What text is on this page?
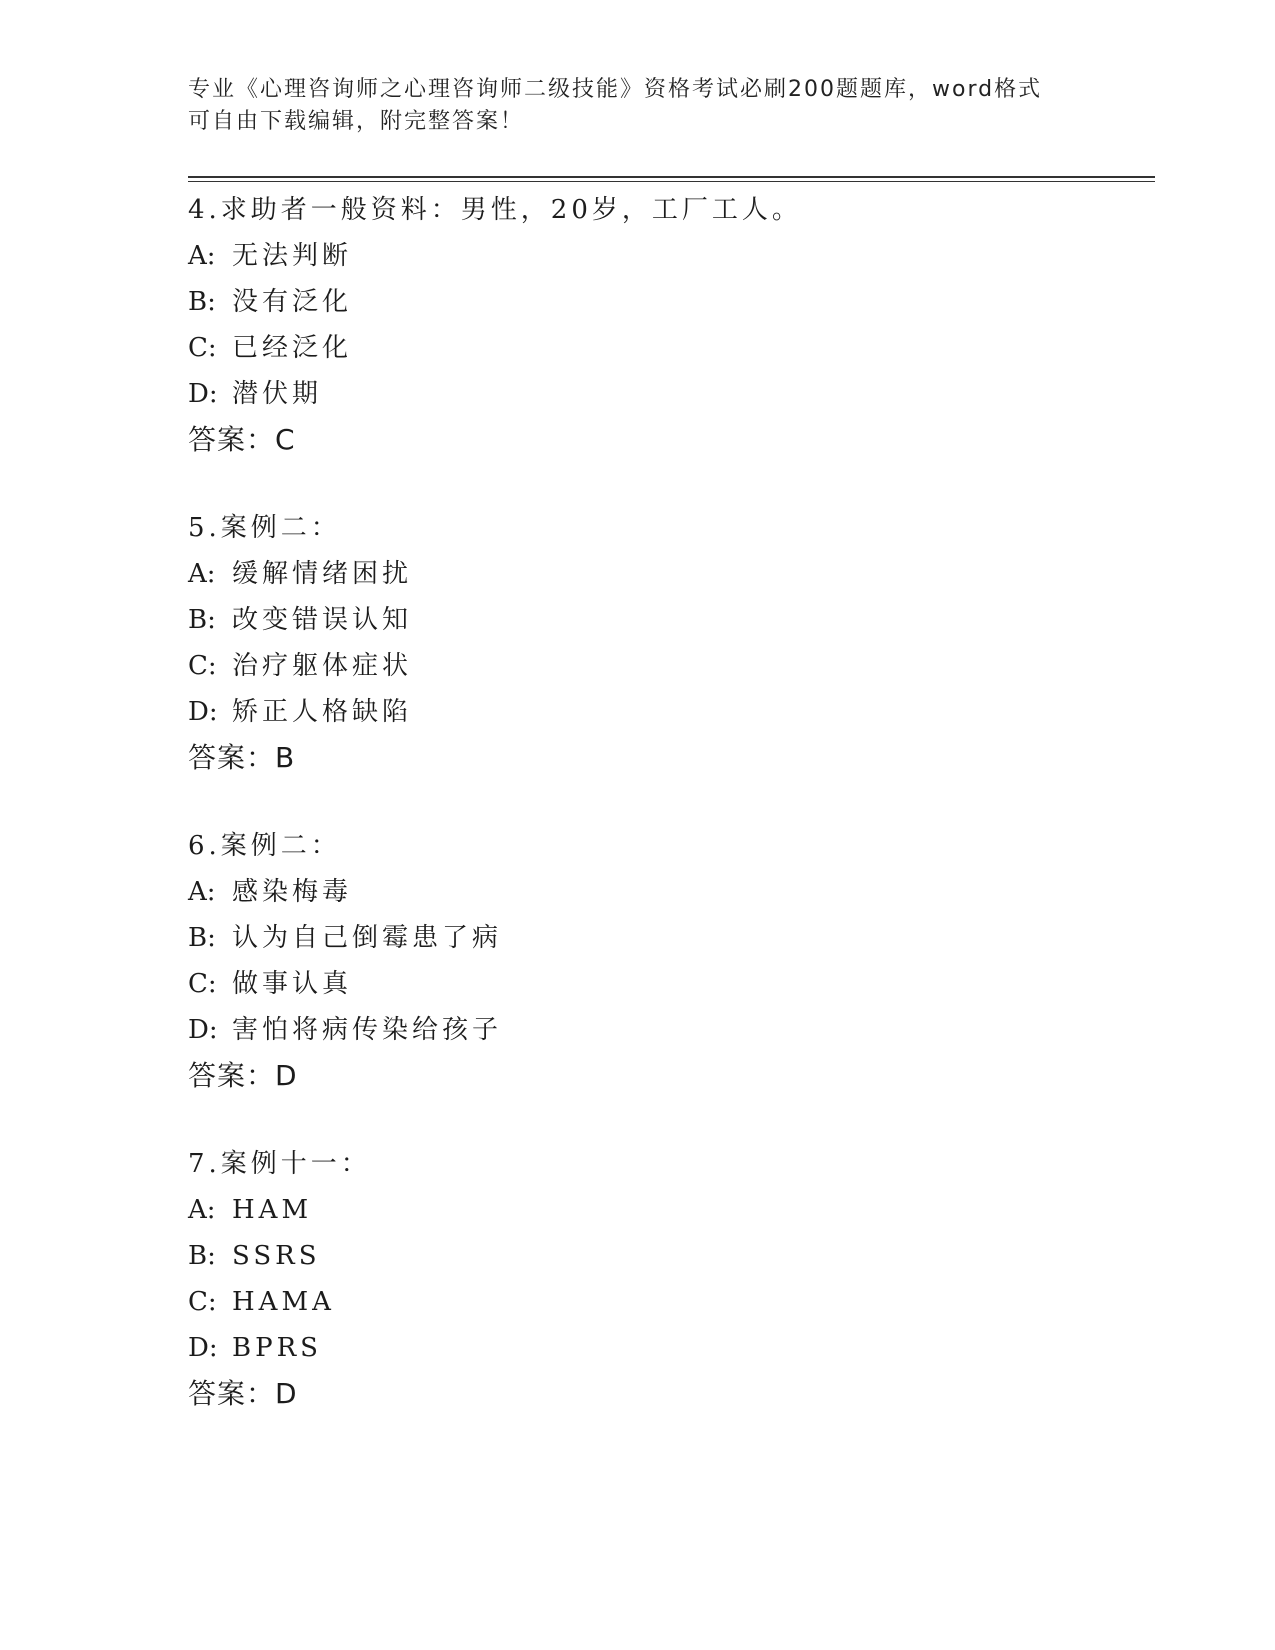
专业《心理咨询师之心理咨询师二级技能》资格考试必刷200题题库，word格式
可自由下载编辑，附完整答案！
4.求助者一般资料：男性，20岁，工厂工人。
A: 无法判断
B: 没有泛化
C: 已经泛化
D: 潜伏期
答案：C
5.案例二：
A: 缓解情绪困扰
B: 改变错误认知
C: 治疗躯体症状
D: 矫正人格缺陷
答案：B
6.案例二：
A: 感染梅毒
B: 认为自己倒霉患了病
C: 做事认真
D: 害怕将病传染给孩子
答案：D
7.案例十一：
A: HAM
B: SSRS
C: HAMA
D: BPRS
答案：D
